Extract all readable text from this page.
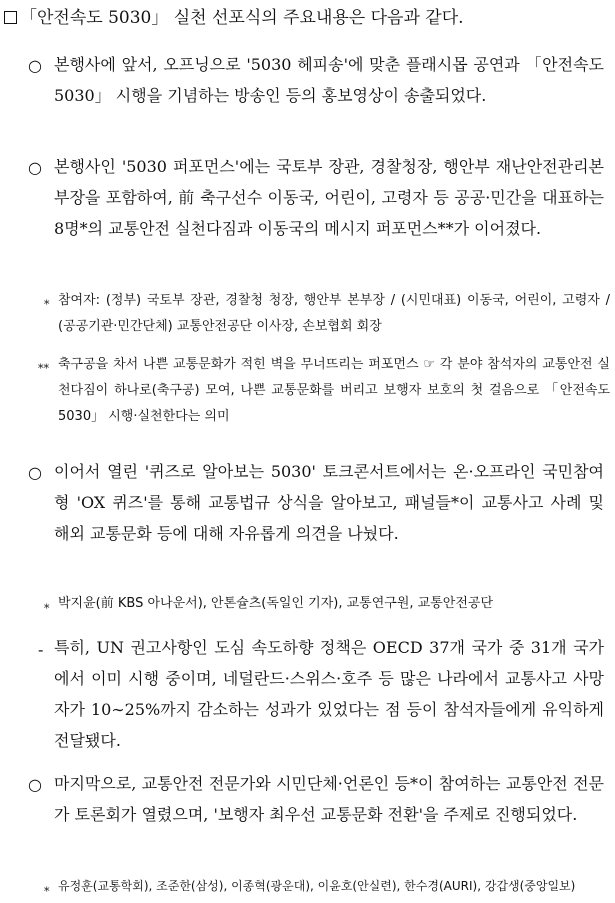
「안전속도 5030」 실천 선포식의 주요내용은 다음과 같다.
○ 본행사에 앞서, 오프닝으로 '5030 헤피송'에 맞춘 플래시몹 공연과 「안전속도 5030」 시행을 기념하는 방송인 등의 홍보영상이 송출되었다.
○ 본행사인 '5030 퍼포먼스'에는 국토부 장관, 경찰청장, 행안부 재난안전관리본부장을 포함하여, 前 축구선수 이동국, 어린이, 고령자 등 공공·민간을 대표하는 8명*의 교통안전 실천다짐과 이동국의 메시지 퍼포먼스**가 이어졌다.
* 참여자: (정부) 국토부 장관, 경찰청 청장, 행안부 본부장 / (시민대표) 이동국, 어린이, 고령자 / (공공기관·민간단체) 교통안전공단 이사장, 손보협회 회장
** 축구공을 차서 나쁜 교통문화가 적힌 벽을 무너뜨리는 퍼포먼스 ☞ 각 분야 참석자의 교통안전 실천다짐이 하나로(축구공) 모여, 나쁜 교통문화를 버리고 보행자 보호의 첫 걸음으로 「안전속도 5030」 시행·실천한다는 의미
○ 이어서 열린 '퀴즈로 알아보는 5030' 토크콘서트에서는 온·오프라인 국민참여형 'OX 퀴즈'를 통해 교통법규 상식을 알아보고, 패널들*이 교통사고 사례 및 해외 교통문화 등에 대해 자유롭게 의견을 나눴다.
* 박지윤(前 KBS 아나운서), 안톤슐츠(독일인 기자), 교통연구원, 교통안전공단
- 특히, UN 권고사항인 도심 속도하향 정책은 OECD 37개 국가 중 31개 국가에서 이미 시행 중이며, 네덜란드·스위스·호주 등 많은 나라에서 교통사고 사망자가 10∼25%까지 감소하는 성과가 있었다는 점 등이 참석자들에게 유익하게 전달됐다.
○ 마지막으로, 교통안전 전문가와 시민단체·언론인 등*이 참여하는 교통안전 전문가 토론회가 열렸으며, '보행자 최우선 교통문화 전환'을 주제로 진행되었다.
* 유정훈(교통학회), 조준한(삼성), 이종혁(광운대), 이윤호(안실련), 한수경(AURI), 강갑생(중앙일보)
